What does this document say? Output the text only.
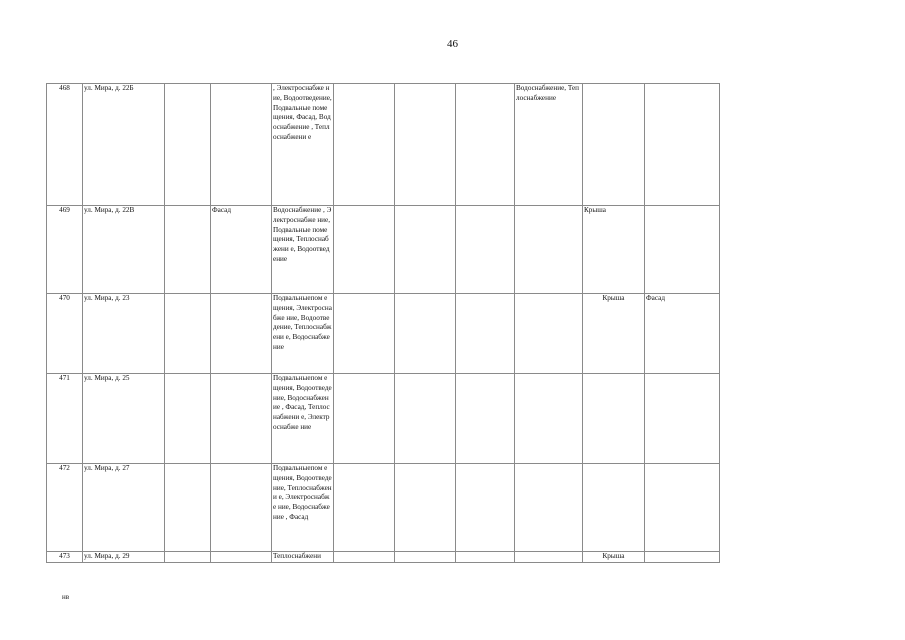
46
468	ул. Мира, д. 22Б			, Электроснабже ние, Водоотведение, Подвальные помещения, Фасад, Водоснабжение , Теплоснабжени е				Водоснабжение, Теплоснабжение		
469	ул. Мира, д. 22В		Фасад	Водоснабжение , Электроснабже ние, Подвальные помещения, Теплоснабжени е, Водоотведение					Крыша	
470	ул. Мира, д. 23			Подвальныепом ещения, Электроснабже ние, Водоотведение, Теплоснабжени е, Водоснабжение					Крыша	Фасад
471	ул. Мира, д. 25			Подвальныепом ещения, Водоотведение, Водоснабжение , Фасад, Теплоснабжени е, Электроснабже ние						
472	ул. Мира, д. 27			Подвальныепом ещения, Водоотведение, Теплоснабжени е, Электроснабже ние, Водоснабжение , Фасад						
473	ул. Мира, д. 29			Теплоснабжени					Крыша	
нв
